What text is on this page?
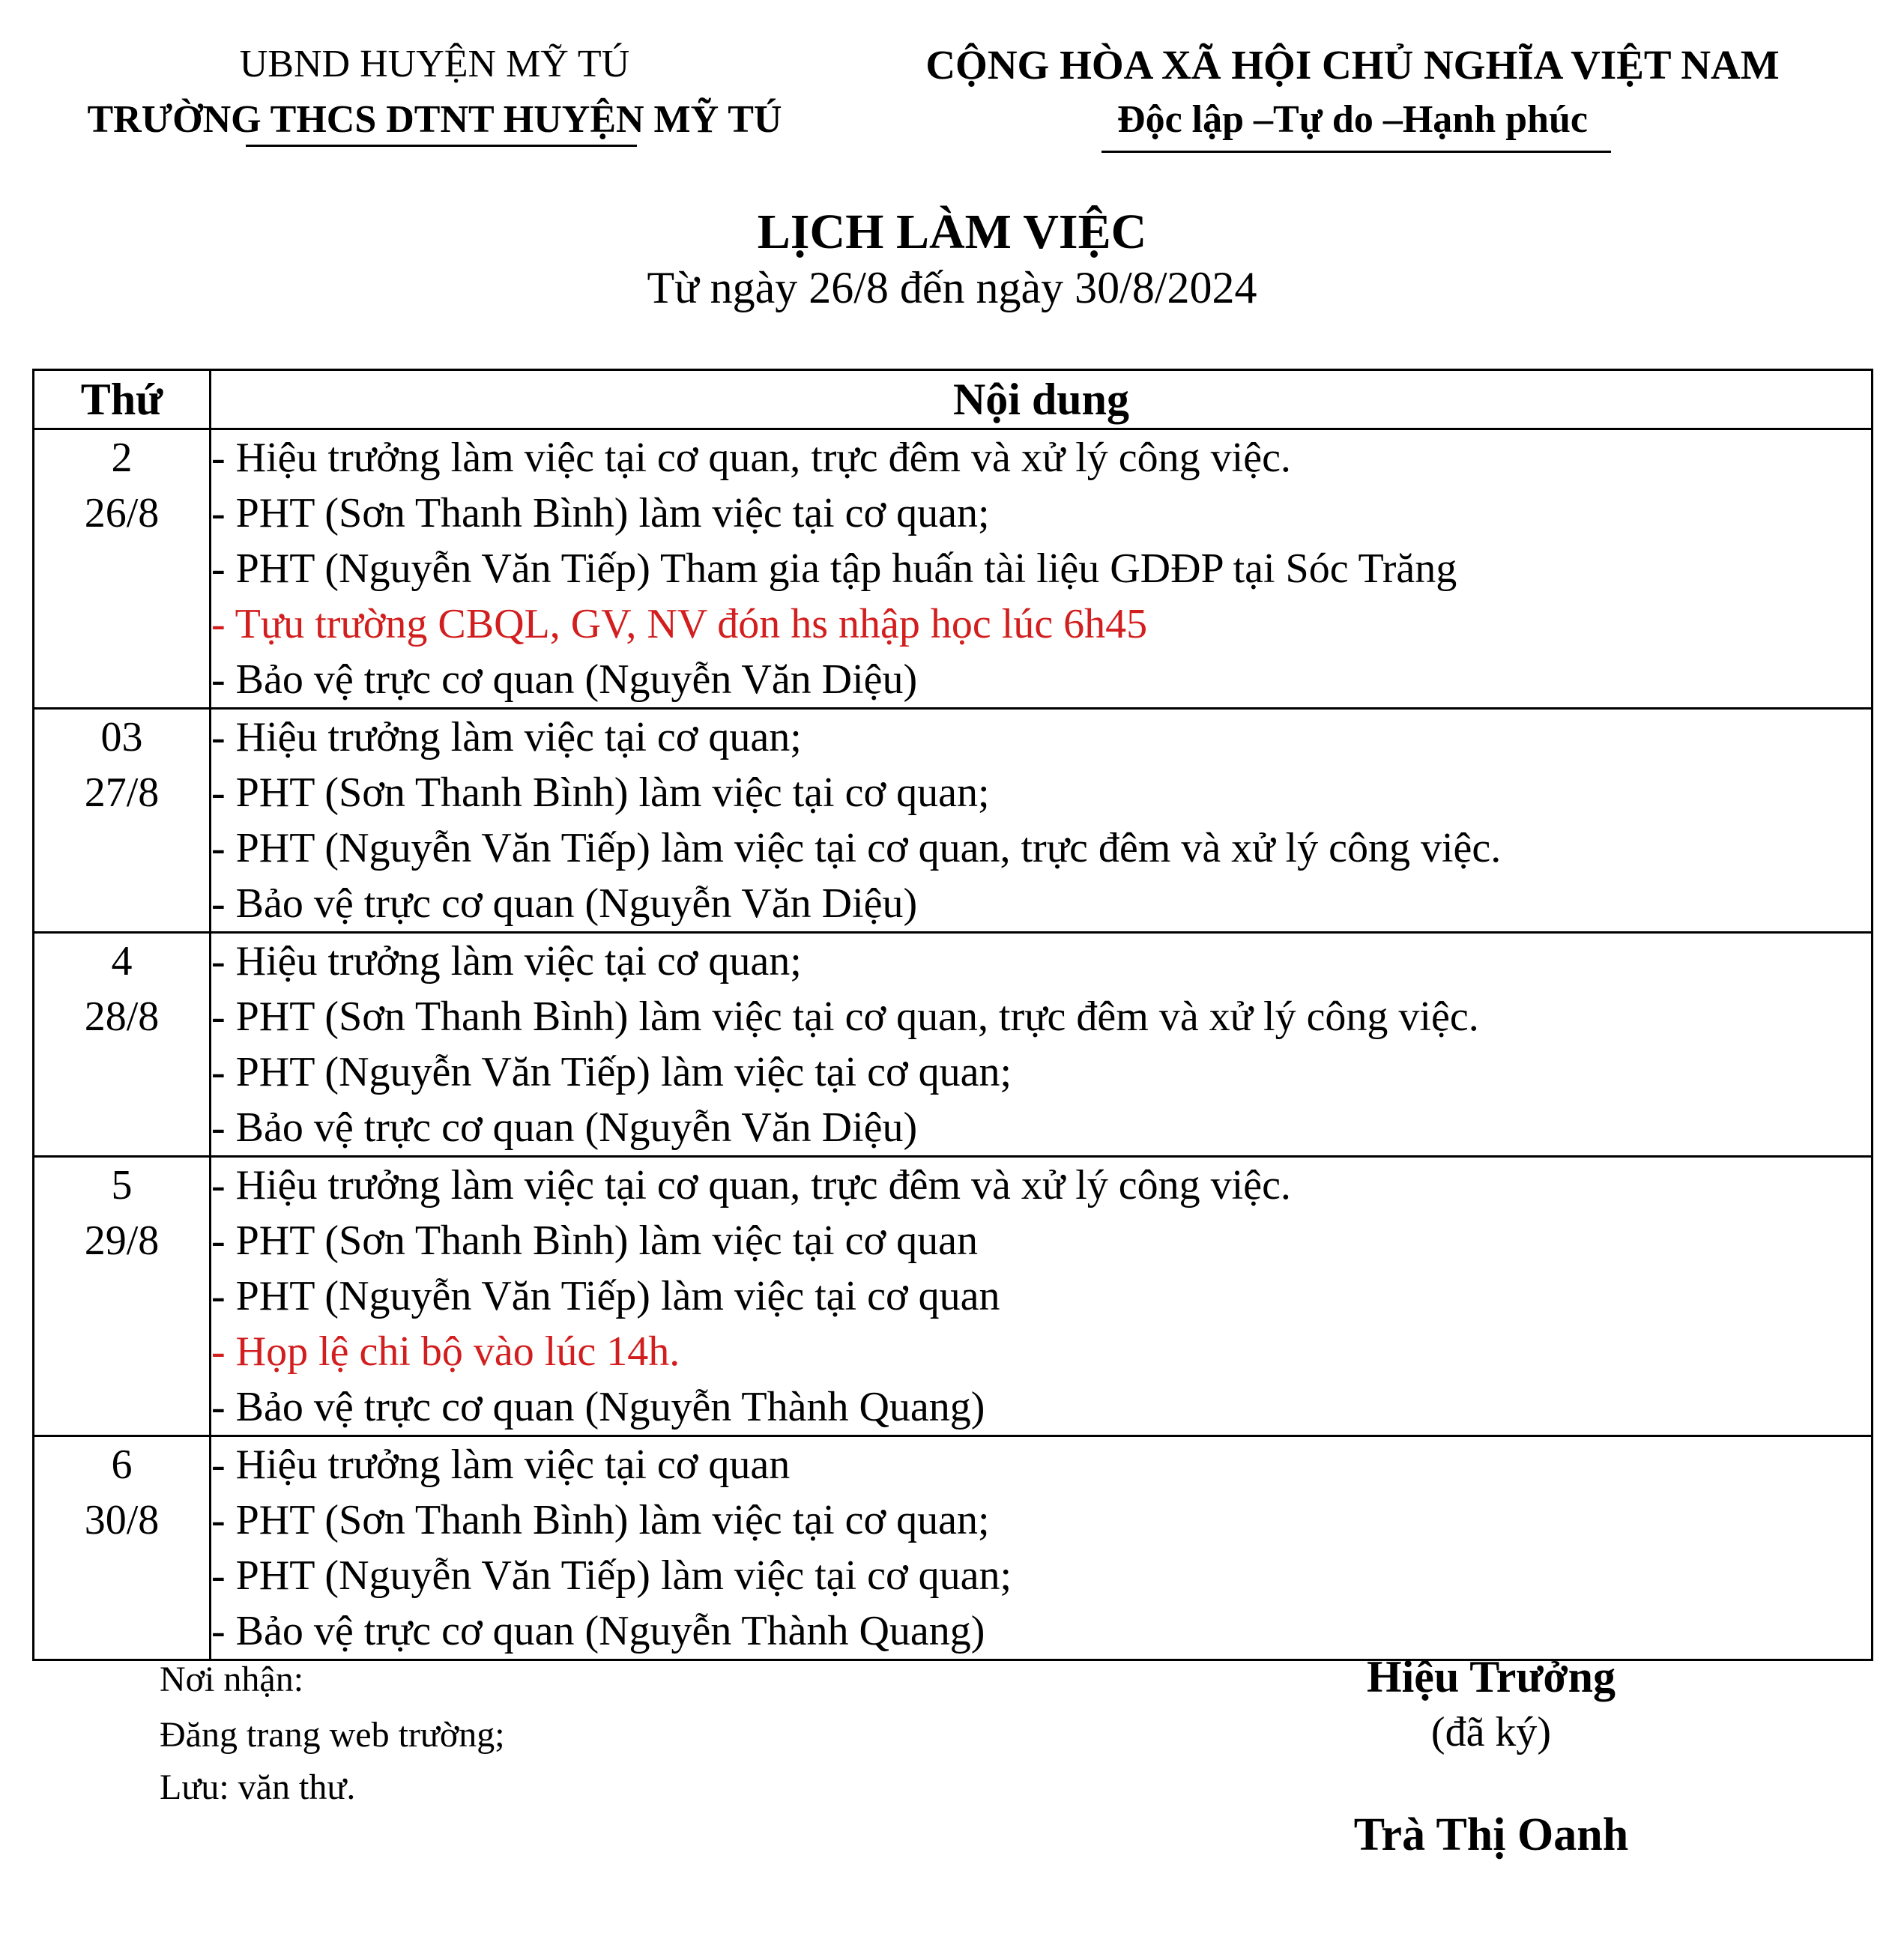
UBND HUYỆN MỸ TÚ
TRƯỜNG THCS DTNT HUYỆN MỸ TÚ
CỘNG HÒA XÃ HỘI CHỦ NGHĨA VIỆT NAM
Độc lập –Tự do –Hạnh phúc
LỊCH LÀM VIỆC
Từ ngày 26/8 đến ngày 30/8/2024
Thứ	Nội dung

2
26/8	- Hiệu trưởng làm việc tại cơ quan, trực đêm và xử lý công việc.
- PHT (Sơn Thanh Bình) làm việc tại cơ quan;
- PHT (Nguyễn Văn Tiếp) Tham gia tập huấn tài liệu GDĐP tại Sóc Trăng
- Tựu trường CBQL, GV, NV đón hs nhập học lúc 6h45
- Bảo vệ trực cơ quan (Nguyễn Văn Diệu)

03
27/8	- Hiệu trưởng làm việc tại cơ quan;
- PHT (Sơn Thanh Bình) làm việc tại cơ quan;
- PHT (Nguyễn Văn Tiếp) làm việc tại cơ quan, trực đêm và xử lý công việc.
- Bảo vệ trực cơ quan (Nguyễn Văn Diệu)

4
28/8	- Hiệu trưởng làm việc tại cơ quan;
- PHT (Sơn Thanh Bình) làm việc tại cơ quan, trực đêm và xử lý công việc.
- PHT (Nguyễn Văn Tiếp) làm việc tại cơ quan;
- Bảo vệ trực cơ quan (Nguyễn Văn Diệu)

5
29/8	- Hiệu trưởng làm việc tại cơ quan, trực đêm và xử lý công việc.
- PHT (Sơn Thanh Bình) làm việc tại cơ quan
- PHT (Nguyễn Văn Tiếp) làm việc tại cơ quan
- Họp lệ chi bộ vào lúc 14h.
- Bảo vệ trực cơ quan (Nguyễn Thành Quang)

6
30/8	- Hiệu trưởng làm việc tại cơ quan
- PHT (Sơn Thanh Bình) làm việc tại cơ quan;
- PHT (Nguyễn Văn Tiếp) làm việc tại cơ quan;
- Bảo vệ trực cơ quan (Nguyễn Thành Quang)
Nơi nhận:
Đăng trang web trường;
Lưu: văn thư.
Hiệu Trưởng
(đã ký)
Trà Thị Oanh
